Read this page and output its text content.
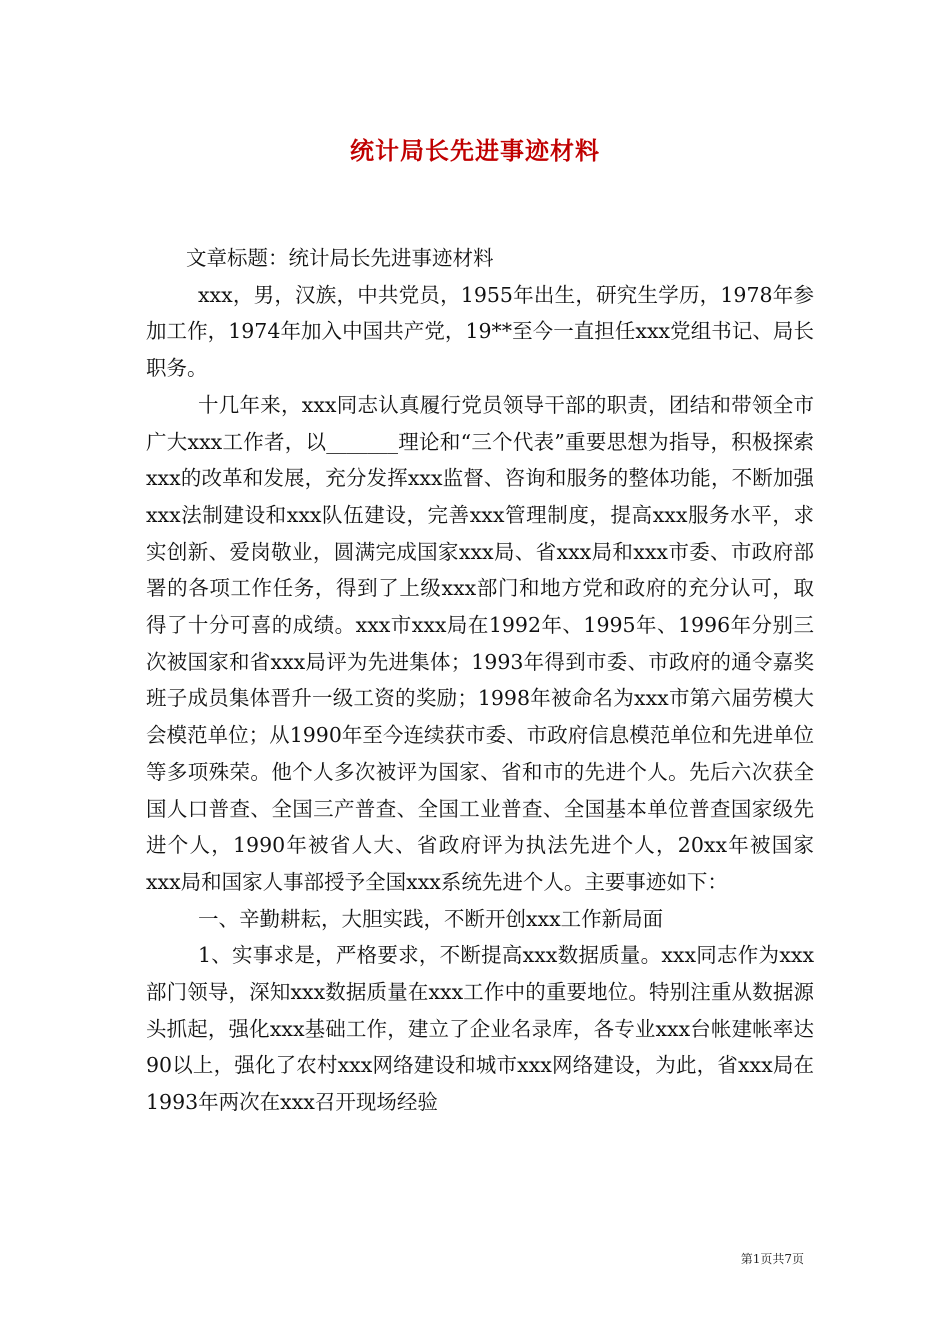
统计局长先进事迹材料

文章标题：统计局长先进事迹材料

xxx，男，汉族，中共党员，1955年出生，研究生学历，1978年参加工作，1974年加入中国共产党，19**至今一直担任xxx党组书记、局长职务。

十几年来，xxx同志认真履行党员领导干部的职责，团结和带领全市广大xxx工作者，以_______理论和“三个代表”重要思想为指导，积极探索xxx的改革和发展，充分发挥xxx监督、咨询和服务的整体功能，不断加强xxx法制建设和xxx队伍建设，完善xxx管理制度，提高xxx服务水平，求实创新、爱岗敬业，圆满完成国家xxx局、省xxx局和xxx市委、市政府部署的各项工作任务，得到了上级xxx部门和地方党和政府的充分认可，取得了十分可喜的成绩。xxx市xxx局在1992年、1995年、1996年分别三次被国家和省xxx局评为先进集体；1993年得到市委、市政府的通令嘉奖班子成员集体晋升一级工资的奖励；1998年被命名为xxx市第六届劳模大会模范单位；从1990年至今连续获市委、市政府信息模范单位和先进单位等多项殊荣。他个人多次被评为国家、省和市的先进个人。先后六次获全国人口普查、全国三产普查、全国工业普查、全国基本单位普查国家级先进个人，1990年被省人大、省政府评为执法先进个人，20xx年被国家xxx局和国家人事部授予全国xxx系统先进个人。主要事迹如下：

一、辛勤耕耘，大胆实践，不断开创xxx工作新局面

1、实事求是，严格要求，不断提高xxx数据质量。xxx同志作为xxx部门领导，深知xxx数据质量在xxx工作中的重要地位。特别注重从数据源头抓起，强化xxx基础工作，建立了企业名录库，各专业xxx台帐建帐率达90以上，强化了农村xxx网络建设和城市xxx网络建设，为此，省xxx局在1993年两次在xxx召开现场经验

第1页共7页
